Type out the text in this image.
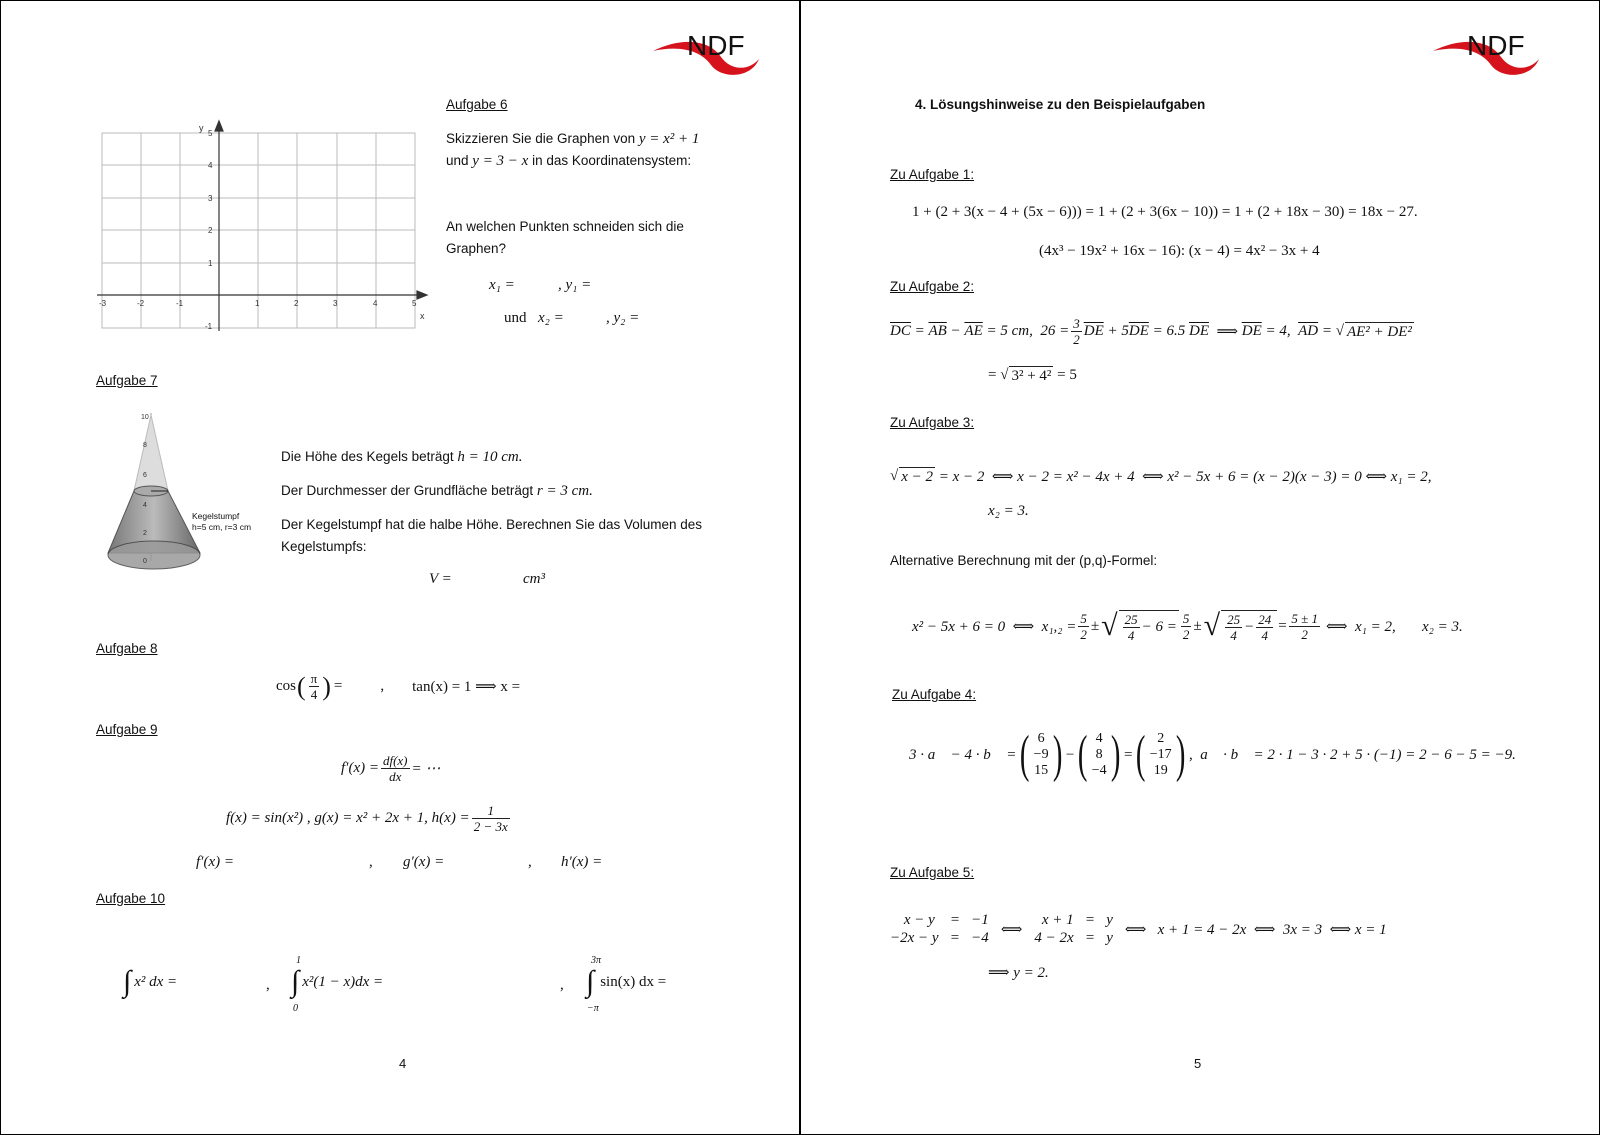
NDF
Aufgabe 6
-3	-2	-1	1	2	3	4	5
5
4
3
2
1
-1
y
x
Skizzieren Sie die Graphen von y = x² + 1
und y = 3 − x in das Koordinatensystem:
An welchen Punkten schneiden sich die
Graphen?
x₁ =	, y₁ =
und x₂ =	, y₂ =
Aufgabe 7
10
8
6
4
2
0
Kegelstumpf
h=5 cm, r=3 cm
Die Höhe des Kegels beträgt h = 10 cm.
Der Durchmesser der Grundfläche beträgt r = 3 cm.
Der Kegelstumpf hat die halbe Höhe. Berechnen Sie das Volumen des
Kegelstumpfs:
V =	cm³
Aufgabe 8
cos ( $\frac{\pi}{4}$ ) =	, tan(x) = 1 ⟹ x =
Aufgabe 9
$f'(x) = \frac{df(x)}{dx}$ = ⋯
f(x) = sin(x²) , g(x) = x² + 2x + 1, $h(x) = \frac{1}{2 - 3x}$
f′(x) =	, g′(x) =	, h′(x) =
Aufgabe 10
∫ x² dx =	, ∫ x²(1 − x)dx =
1
0
, ∫ sin(x) dx =
3π
−π
4
NDF
4. Lösungshinweise zu den Beispielaufgaben
Zu Aufgabe 1:
1 + (2 + 3(x − 4 + (5x − 6))) = 1 + (2 + 3(6x − 10)) = 1 + (2 + 18x − 30) = 18x − 27.
(4x³ − 19x² + 16x − 16): (x − 4) = 4x² − 3x + 4
Zu Aufgabe 2:
$\overline{DC} = \overline{AB} - \overline{AE} = 5$ cm,  $26 = \frac{3}{2} \overline{DE} + 5$ $\overline{DE} = 6.5$ $\overline{DE}$ ⟹ $\overline{DE} = 4$, $\overline{AD}$ = √ AE² + DE²
= √ 3² + 4² = 5
Zu Aufgabe 3:
√ x − 2 = x − 2  ⟺ x − 2 = x² − 4x + 4  ⟺ x² − 5x + 6 = (x − 2)(x − 3) = 0 ⟺ x₁ = 2,
x₂ = 3.
Alternative Berechnung mit der (p,q)-Formel:
x² − 5x + 6 = 0  ⟺  $x_1,_2 = \frac{5}{2}$ ± √ $\frac{25}{4} - 6 = \frac{5}{2}$ ± √ $\frac{25}{4} - \frac{24}{4} = \frac{5 \pm 1}{2}$ ⟺  x₁ = 2,       x₂ = 3.
Zu Aufgabe 4:
3 · a⃗ − 4 · b⃗ = ( 6
−9
15 ) − ( 4
8
−4 ) = ( 2
−17
19 ) ,  a⃗ · b⃗ = 2 · 1 − 3 · 2 + 5 · (−1) = 2 − 6 − 5 = −9.
Zu Aufgabe 5:
x − y    =   −1
−2x − y   =   −4
⟺
x + 1   =   y
4 − 2x   =   y
⟺   x + 1 = 4 − 2x  ⟺  3x = 3  ⟺ x = 1
⟹ y = 2.
5
